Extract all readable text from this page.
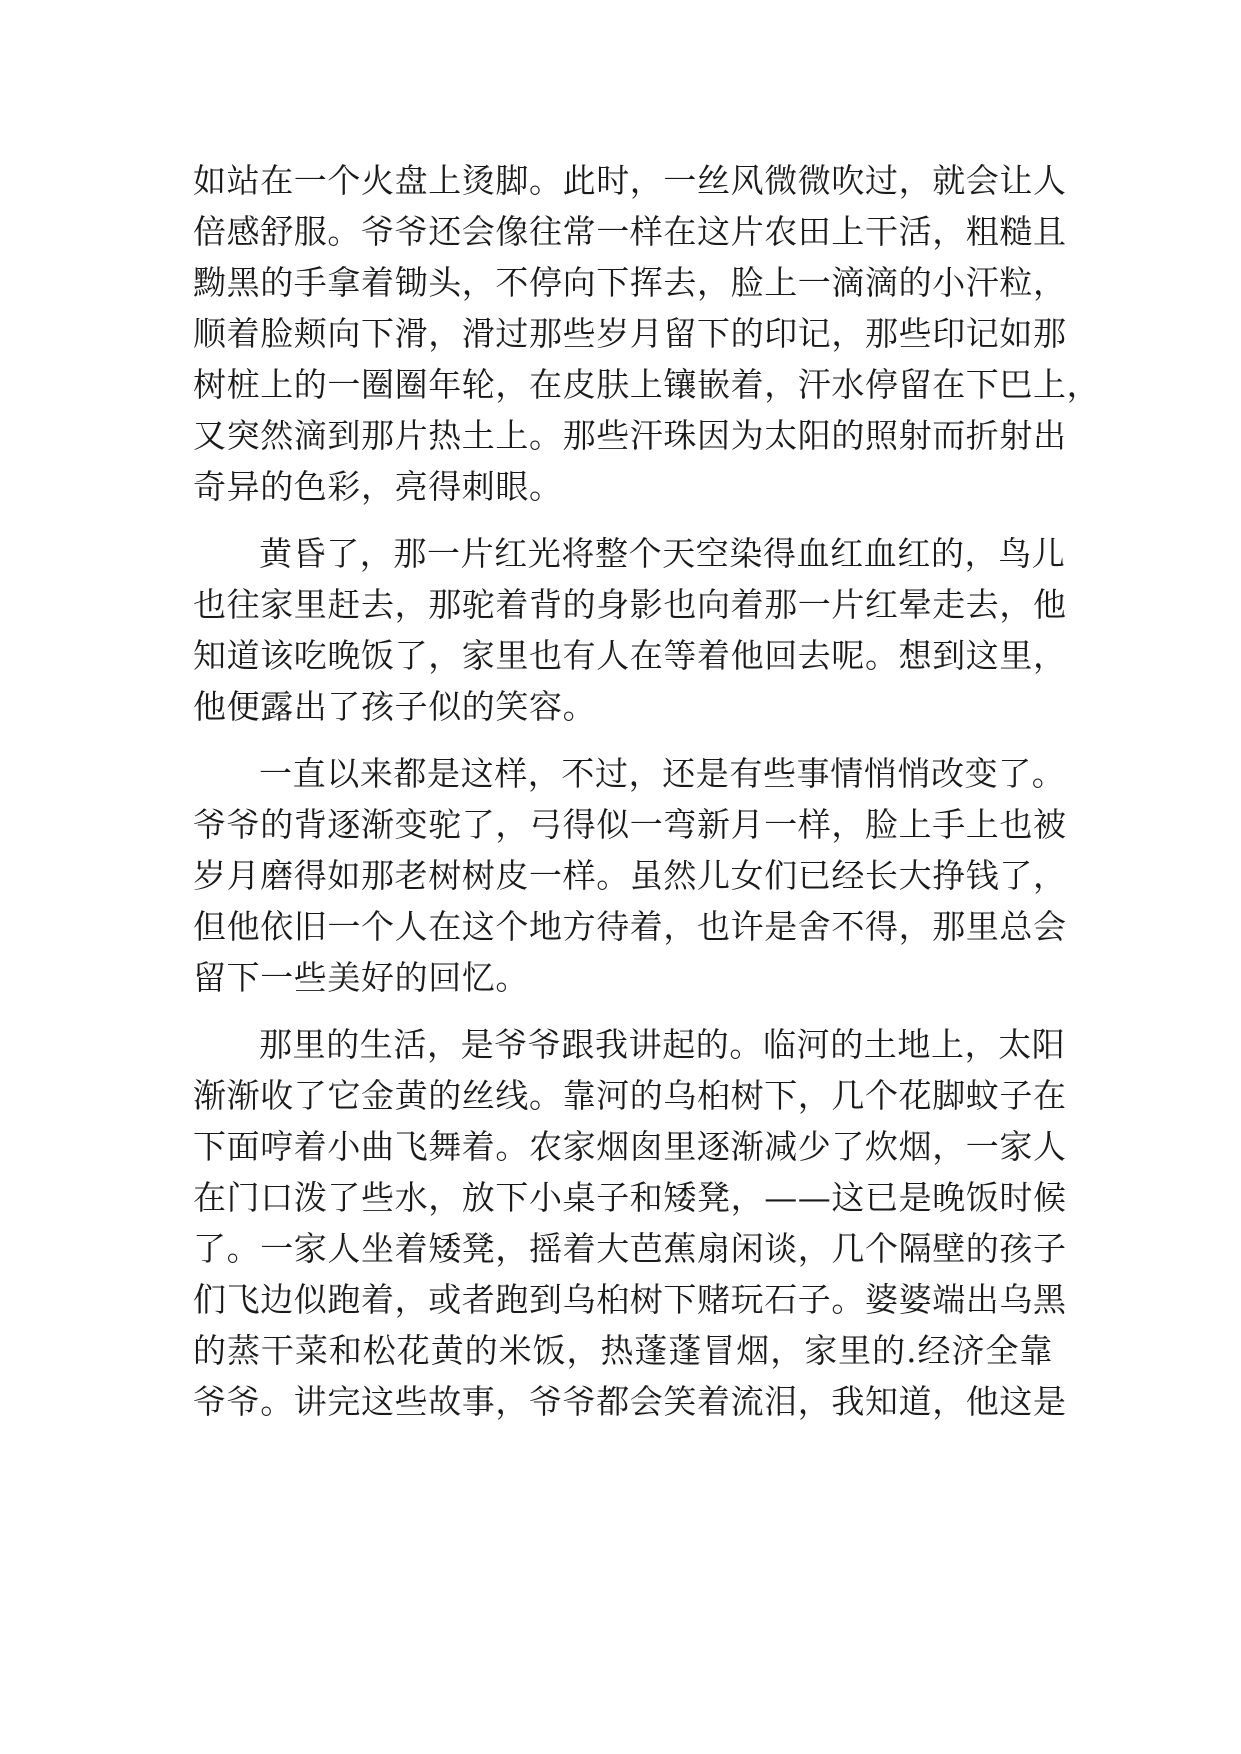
如站在一个火盘上烫脚。此时，一丝风微微吹过，就会让人
倍感舒服。爷爷还会像往常一样在这片农田上干活，粗糙且
黝黑的手拿着锄头，不停向下挥去，脸上一滴滴的小汗粒，
顺着脸颊向下滑，滑过那些岁月留下的印记，那些印记如那
树桩上的一圈圈年轮，在皮肤上镶嵌着，汗水停留在下巴上，
又突然滴到那片热土上。那些汗珠因为太阳的照射而折射出
奇异的色彩，亮得刺眼。
黄昏了，那一片红光将整个天空染得血红血红的，鸟儿
也往家里赶去，那驼着背的身影也向着那一片红晕走去，他
知道该吃晚饭了，家里也有人在等着他回去呢。想到这里，
他便露出了孩子似的笑容。
一直以来都是这样，不过，还是有些事情悄悄改变了。
爷爷的背逐渐变驼了，弓得似一弯新月一样，脸上手上也被
岁月磨得如那老树树皮一样。虽然儿女们已经长大挣钱了，
但他依旧一个人在这个地方待着，也许是舍不得，那里总会
留下一些美好的回忆。
那里的生活，是爷爷跟我讲起的。临河的土地上，太阳
渐渐收了它金黄的丝线。靠河的乌桕树下，几个花脚蚊子在
下面哼着小曲飞舞着。农家烟囱里逐渐减少了炊烟，一家人
在门口泼了些水，放下小桌子和矮凳，——这已是晚饭时候
了。一家人坐着矮凳，摇着大芭蕉扇闲谈，几个隔壁的孩子
们飞边似跑着，或者跑到乌桕树下赌玩石子。婆婆端出乌黑
的蒸干菜和松花黄的米饭，热蓬蓬冒烟，家里的.经济全靠
爷爷。讲完这些故事，爷爷都会笑着流泪，我知道，他这是
